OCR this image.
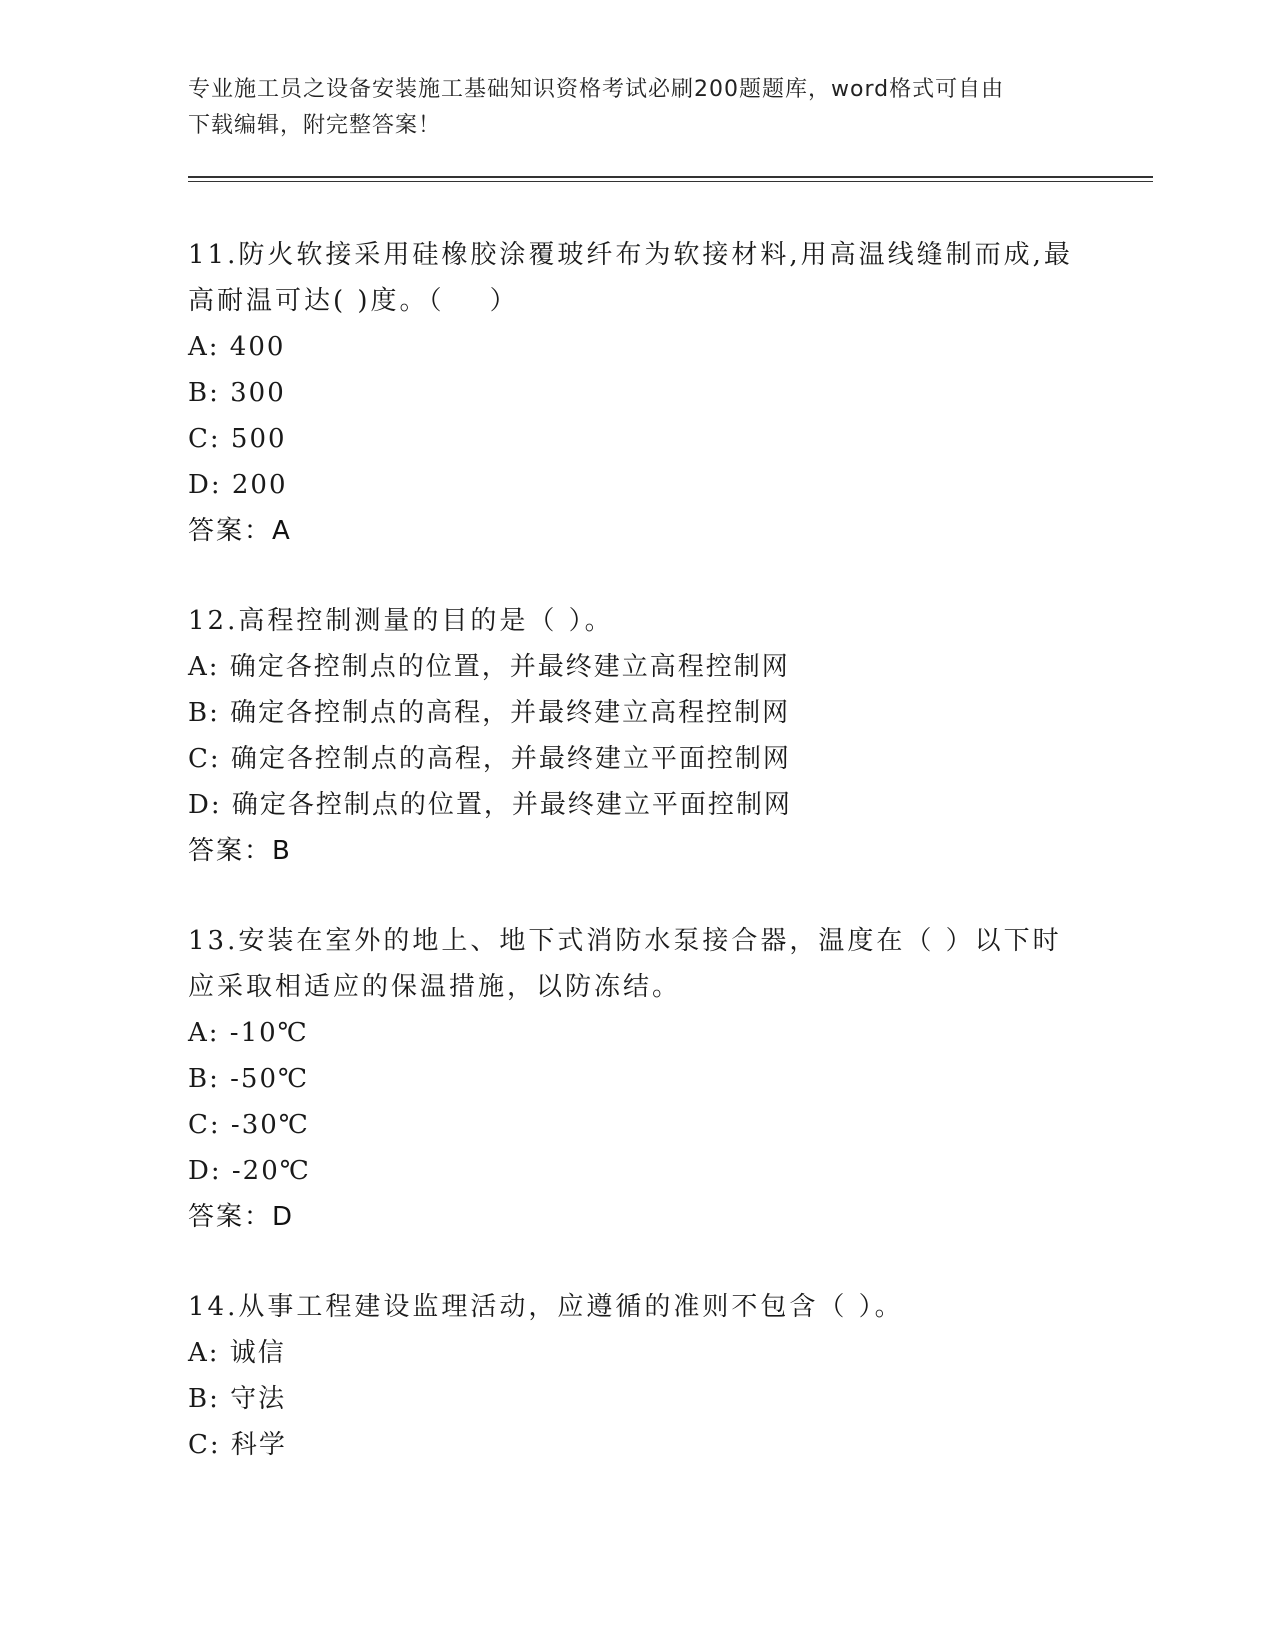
专业施工员之设备安装施工基础知识资格考试必刷200题题库，word格式可自由
下载编辑，附完整答案！
11.防火软接采用硅橡胶涂覆玻纤布为软接材料,用高温线缝制而成,最
高耐温可达( )度。（    ）
A: 400
B: 300
C: 500
D: 200
答案：A
12.高程控制测量的目的是（ ）。
A: 确定各控制点的位置，并最终建立高程控制网
B: 确定各控制点的高程，并最终建立高程控制网
C: 确定各控制点的高程，并最终建立平面控制网
D: 确定各控制点的位置，并最终建立平面控制网
答案：B
13.安装在室外的地上、地下式消防水泵接合器，温度在（ ）以下时
应采取相适应的保温措施，以防冻结。
A: -10℃
B: -50℃
C: -30℃
D: -20℃
答案：D
14.从事工程建设监理活动，应遵循的准则不包含（ ）。
A: 诚信
B: 守法
C: 科学
